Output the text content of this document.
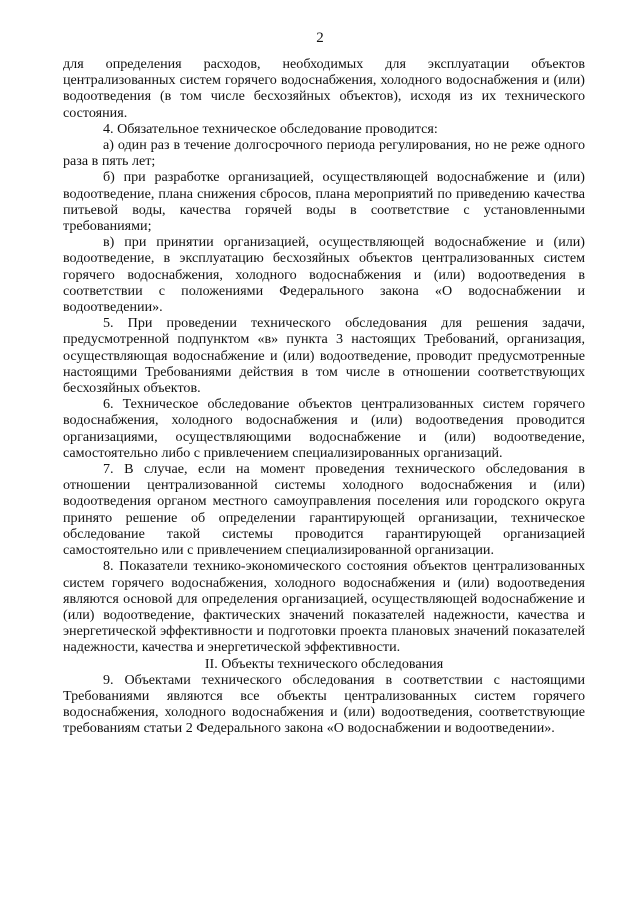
2

для определения расходов, необходимых для эксплуатации объектов централизованных систем горячего водоснабжения, холодного водоснабжения и (или) водоотведения (в том числе бесхозяйных объектов), исходя из их технического состояния.

4. Обязательное техническое обследование проводится:

а) один раз в течение долгосрочного периода регулирования, но не реже одного раза в пять лет;

б) при разработке организацией, осуществляющей водоснабжение и (или) водоотведение, плана снижения сбросов, плана мероприятий по приведению качества питьевой воды, качества горячей воды в соответствие с установленными требованиями;

в) при принятии организацией, осуществляющей водоснабжение и (или) водоотведение, в эксплуатацию бесхозяйных объектов централизованных систем горячего водоснабжения, холодного водоснабжения и (или) водоотведения в соответствии с положениями Федерального закона «О водоснабжении и водоотведении».

5. При проведении технического обследования для решения задачи, предусмотренной подпунктом «в» пункта 3 настоящих Требований, организация, осуществляющая водоснабжение и (или) водоотведение, проводит предусмотренные настоящими Требованиями действия в том числе в отношении соответствующих бесхозяйных объектов.

6. Техническое обследование объектов централизованных систем горячего водоснабжения, холодного водоснабжения и (или) водоотведения проводится организациями, осуществляющими водоснабжение и (или) водоотведение, самостоятельно либо с привлечением специализированных организаций.

7. В случае, если на момент проведения технического обследования в отношении централизованной системы холодного водоснабжения и (или) водоотведения органом местного самоуправления поселения или городского округа принято решение об определении гарантирующей организации, техническое обследование такой системы проводится гарантирующей организацией самостоятельно или с привлечением специализированной организации.

8. Показатели технико-экономического состояния объектов централизованных систем горячего водоснабжения, холодного водоснабжения и (или) водоотведения являются основой для определения организацией, осуществляющей водоснабжение и (или) водоотведение, фактических значений показателей надежности, качества и энергетической эффективности и подготовки проекта плановых значений показателей надежности, качества и энергетической эффективности.

II. Объекты технического обследования

9. Объектами технического обследования в соответствии с настоящими Требованиями являются все объекты централизованных систем горячего водоснабжения, холодного водоснабжения и (или) водоотведения, соответствующие требованиям статьи 2 Федерального закона «О водоснабжении и водоотведении».
